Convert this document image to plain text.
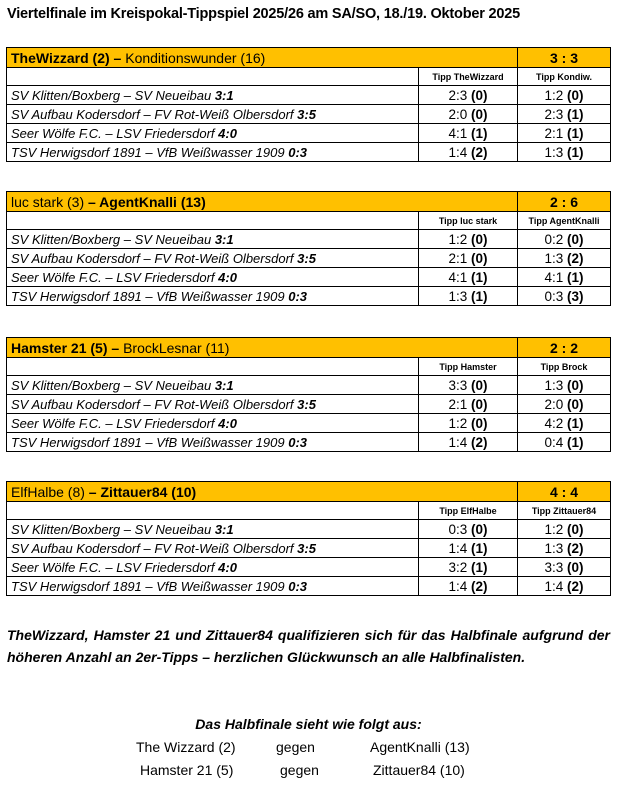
Viertelfinale im Kreispokal-Tippspiel 2025/26 am SA/SO, 18./19. Oktober 2025
TheWizzard (2) – Konditionswunder (16)		3 : 3
	Tipp TheWizzard	Tipp Kondiw.
SV Klitten/Boxberg – SV Neueibau 3:1	2:3 (0)	1:2 (0)
SV Aufbau Kodersdorf – FV Rot-Weiß Olbersdorf 3:5	2:0 (0)	2:3 (1)
Seer Wölfe F.C. – LSV Friedersdorf 4:0	4:1 (1)	2:1 (1)
TSV Herwigsdorf 1891 – VfB Weißwasser 1909 0:3	1:4 (2)	1:3 (1)
luc stark (3) – AgentKnalli (13)		2 : 6
	Tipp luc stark	Tipp AgentKnalli
SV Klitten/Boxberg – SV Neueibau 3:1	1:2 (0)	0:2 (0)
SV Aufbau Kodersdorf – FV Rot-Weiß Olbersdorf 3:5	2:1 (0)	1:3 (2)
Seer Wölfe F.C. – LSV Friedersdorf 4:0	4:1 (1)	4:1 (1)
TSV Herwigsdorf 1891 – VfB Weißwasser 1909 0:3	1:3 (1)	0:3 (3)
Hamster 21 (5) – BrockLesnar (11)		2 : 2
	Tipp Hamster	Tipp Brock
SV Klitten/Boxberg – SV Neueibau 3:1	3:3 (0)	1:3 (0)
SV Aufbau Kodersdorf – FV Rot-Weiß Olbersdorf 3:5	2:1 (0)	2:0 (0)
Seer Wölfe F.C. – LSV Friedersdorf 4:0	1:2 (0)	4:2 (1)
TSV Herwigsdorf 1891 – VfB Weißwasser 1909 0:3	1:4 (2)	0:4 (1)
ElfHalbe (8) – Zittauer84 (10)		4 : 4
	Tipp ElfHalbe	Tipp Zittauer84
SV Klitten/Boxberg – SV Neueibau 3:1	0:3 (0)	1:2 (0)
SV Aufbau Kodersdorf – FV Rot-Weiß Olbersdorf 3:5	1:4 (1)	1:3 (2)
Seer Wölfe F.C. – LSV Friedersdorf 4:0	3:2 (1)	3:3 (0)
TSV Herwigsdorf 1891 – VfB Weißwasser 1909 0:3	1:4 (2)	1:4 (2)
TheWizzard, Hamster 21 und Zittauer84 qualifizieren sich für das Halbfinale aufgrund der höheren Anzahl an 2er-Tipps – herzlichen Glückwunsch an alle Halbfinalisten.
Das Halbfinale sieht wie folgt aus:
The Wizzard (2)	gegen	AgentKnalli (13)
Hamster 21 (5)	gegen	Zittauer84 (10)
